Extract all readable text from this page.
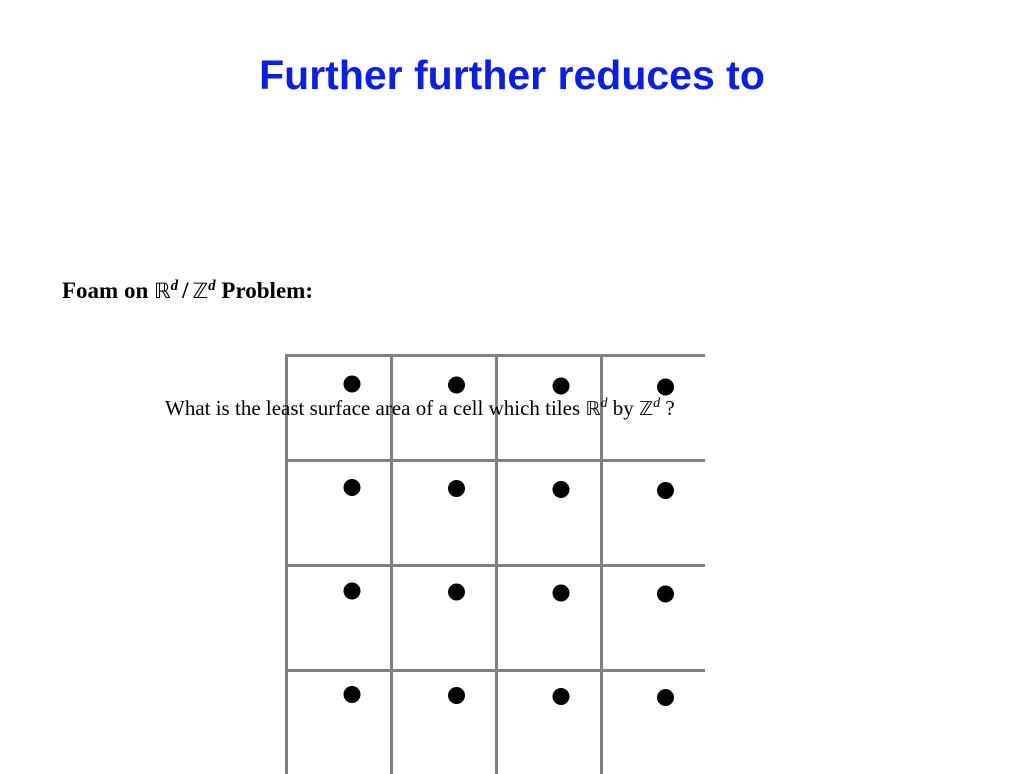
Further further reduces to
Foam on ℝ$^d$ / ℤ$^d$ Problem:
What is the least surface area of a cell which tiles ℝ$^d$ by ℤ$^d$ ?
